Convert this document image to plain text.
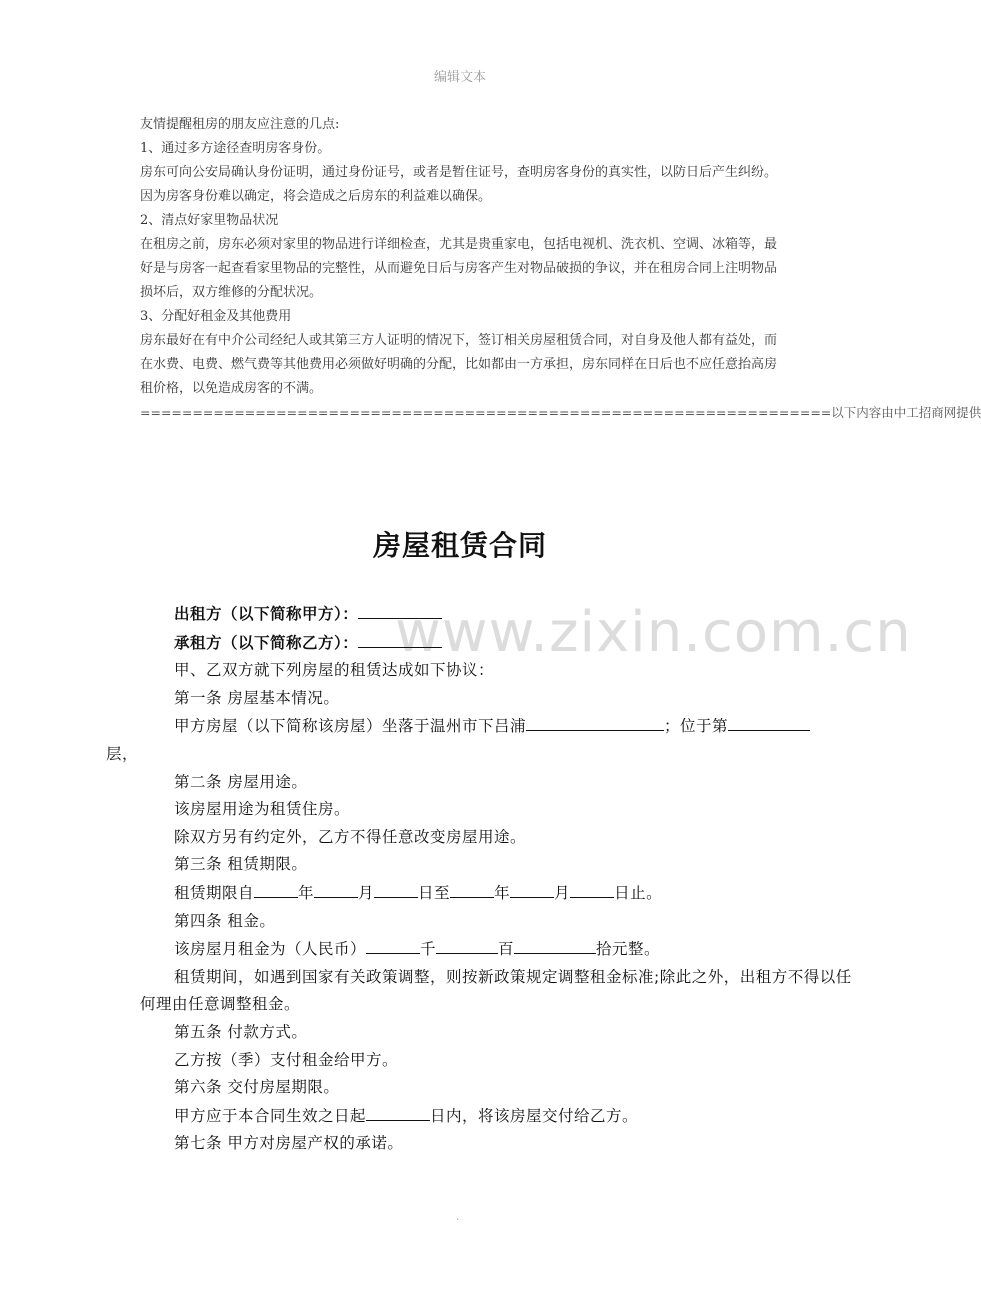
编辑文本

友情提醒租房的朋友应注意的几点:

1、通过多方途径查明房客身份。

房东可向公安局确认身份证明，通过身份证号，或者是暂住证号，查明房客身份的真实性，以防日后产生纠纷。因为房客身份难以确定，将会造成之后房东的利益难以确保。

2、清点好家里物品状况

在租房之前，房东必须对家里的物品进行详细检查，尤其是贵重家电，包括电视机、洗衣机、空调、冰箱等，最好是与房客一起查看家里物品的完整性，从而避免日后与房客产生对物品破损的争议，并在租房合同上注明物品损坏后，双方维修的分配状况。

3、分配好租金及其他费用

房东最好在有中介公司经纪人或其第三方人证明的情况下，签订相关房屋租赁合同，对自身及他人都有益处，而在水费、电费、燃气费等其他费用必须做好明确的分配，比如都由一方承担，房东同样在日后也不应任意抬高房租价格，以免造成房客的不满。

==================================================================以下内容由中工招商网提供

www.zixin.com.cn
房屋租赁合同

出租方（以下简称甲方）：

承租方（以下简称乙方）：

甲、乙双方就下列房屋的租赁达成如下协议：

第一条 房屋基本情况。

甲方房屋（以下简称该房屋）坐落于温州市下吕浦	；位于第
层，

第二条 房屋用途。

该房屋用途为租赁住房。

除双方另有约定外，乙方不得任意改变房屋用途。

第三条 租赁期限。

租赁期限自	年	月	日至	年	月	日止。

第四条 租金。

该房屋月租金为（人民币）	千	百	拾元整。

租赁期间，如遇到国家有关政策调整，则按新政策规定调整租金标准;除此之外，出租方不得以任何理由任意调整租金。

第五条 付款方式。

乙方按（季）支付租金给甲方。

第六条 交付房屋期限。

甲方应于本合同生效之日起	日内，将该房屋交付给乙方。

第七条 甲方对房屋产权的承诺。

.
